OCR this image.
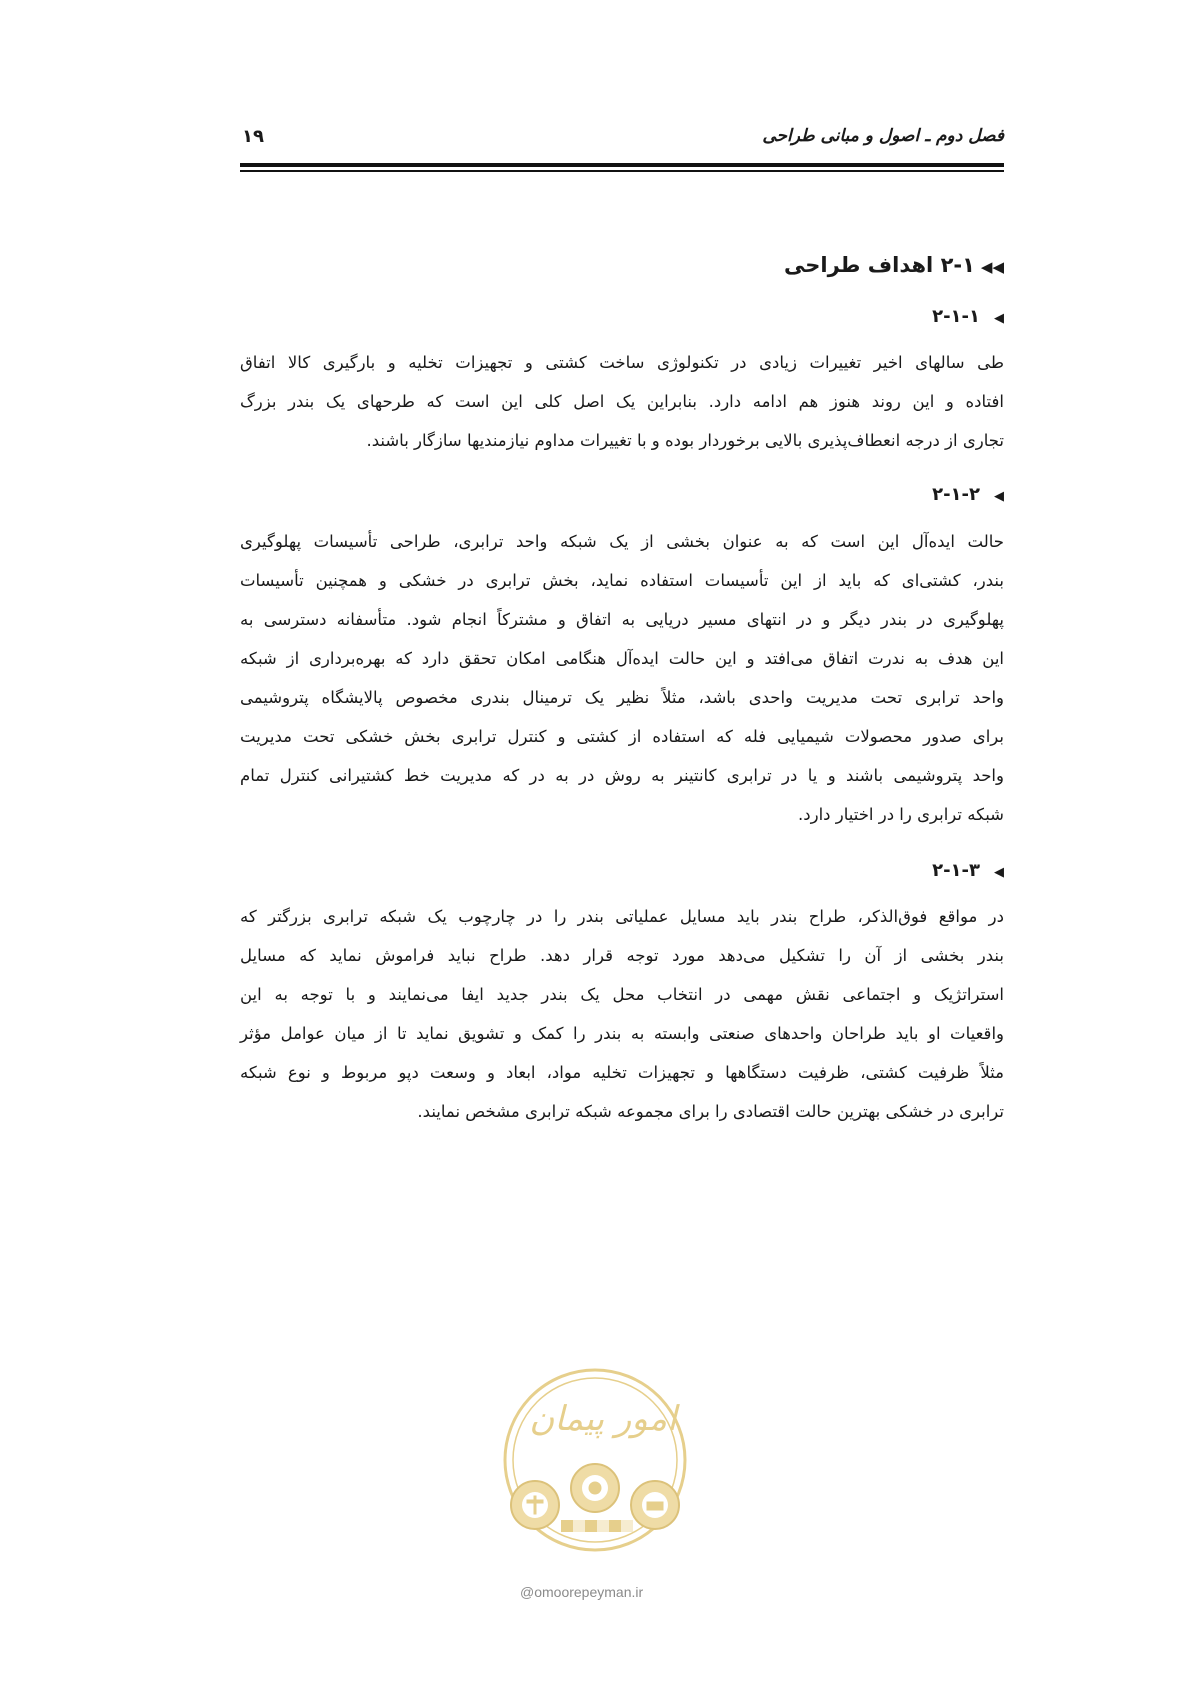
فصل دوم ـ اصول و مبانی طراحی
۱۹
◀◀۲-۱ اهداف طراحی
◀۲-۱-۱
طی سالهای اخیر تغییرات زیادی در تکنولوژی ساخت کشتی و تجهیزات تخلیه و بارگیری کالا اتفاق
افتاده و این روند هنوز هم ادامه دارد. بنابراین یک اصل کلی این است که طرحهای یک بندر بزرگ
تجاری از درجه انعطاف‌پذیری بالایی برخوردار بوده و با تغییرات مداوم نیازمندیها سازگار باشند.
◀۲-۱-۲
حالت ایده‌آل این است که به عنوان بخشی از یک شبکه واحد ترابری، طراحی تأسیسات پهلوگیری
بندر، کشتی‌ای که باید از این تأسیسات استفاده نماید، بخش ترابری در خشکی و همچنین تأسیسات
پهلوگیری در بندر دیگر و در انتهای مسیر دریایی به اتفاق و مشترکاً انجام شود. متأسفانه دسترسی به
این هدف به ندرت اتفاق می‌افتد و این حالت ایده‌آل هنگامی امکان تحقق دارد که بهره‌برداری از شبکه
واحد ترابری تحت مدیریت واحدی باشد، مثلاً نظیر یک ترمینال بندری مخصوص پالایشگاه پتروشیمی
برای صدور محصولات شیمیایی فله که استفاده از کشتی و کنترل ترابری بخش خشکی تحت مدیریت
واحد پتروشیمی باشند و یا در ترابری کانتینر به روش در به در که مدیریت خط کشتیرانی کنترل تمام
شبکه ترابری را در اختیار دارد.
◀۲-۱-۳
در مواقع فوق‌الذکر، طراح بندر باید مسایل عملیاتی بندر را در چارچوب یک شبکه ترابری بزرگتر که
بندر بخشی از آن را تشکیل می‌دهد مورد توجه قرار دهد. طراح نباید فراموش نماید که مسایل
استراتژیک و اجتماعی نقش مهمی در انتخاب محل یک بندر جدید ایفا می‌نمایند و با توجه به این
واقعیات او باید طراحان واحدهای صنعتی وابسته به بندر را کمک و تشویق نماید تا از میان عوامل مؤثر
مثلاً ظرفیت کشتی، ظرفیت دستگاهها و تجهیزات تخلیه مواد، ابعاد و وسعت دپو مربوط و نوع شبکه
ترابری در خشکی بهترین حالت اقتصادی را برای مجموعه شبکه ترابری مشخص نمایند.
امور پیمان
@omoorepeyman.ir
